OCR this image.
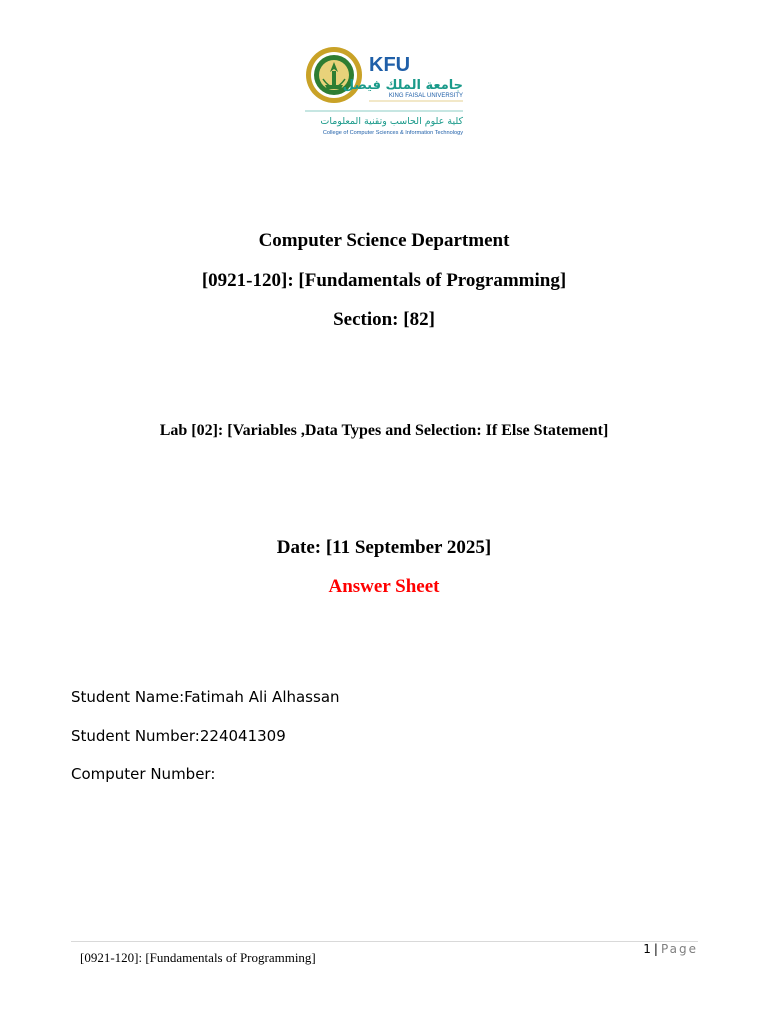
KFU
جامعة الملك فيصل
KING FAISAL UNIVERSITY
كلية علوم الحاسب وتقنية المعلومات
College of Computer Sciences & Information Technology
Computer Science Department
[0921-120]: [Fundamentals of Programming]
Section: [82]
Lab [02]: [Variables ,Data Types and Selection: If Else Statement]
Date: [11 September 2025]
Answer Sheet
Student Name:Fatimah Ali Alhassan
Student Number:224041309
Computer Number:
[0921-120]: [Fundamentals of Programming]
1 | Page
